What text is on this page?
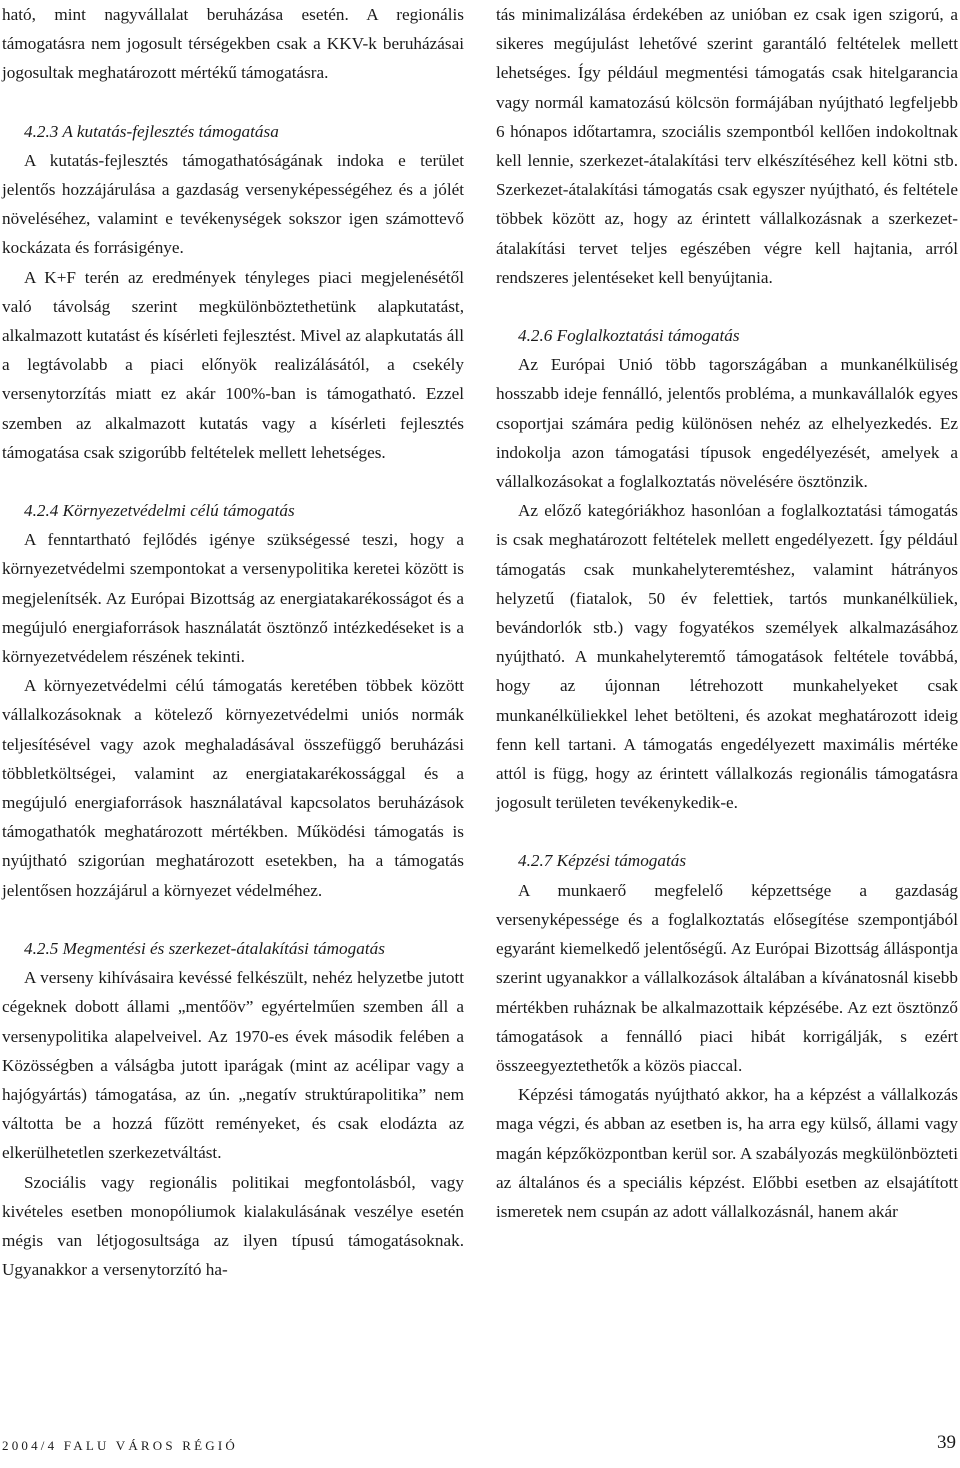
ható, mint nagyvállalat beruházása esetén. A regionális támogatásra nem jogosult térségekben csak a KKV-k beruházásai jogosultak meghatározott mértékű támogatásra.

4.2.3 A kutatás-fejlesztés támogatása

A kutatás-fejlesztés támogathatóságának indoka e terület jelentős hozzájárulása a gazdaság versenyképességéhez és a jólét növeléséhez, valamint e tevékenységek sokszor igen számottevő kockázata és forrásigénye.

A K+F terén az eredmények tényleges piaci megjelenésétől való távolság szerint megkülönböztethetünk alapkutatást, alkalmazott kutatást és kísérleti fejlesztést. Mivel az alapkutatás áll a legtávolabb a piaci előnyök realizálásától, a csekély versenytorzítás miatt ez akár 100%-ban is támogatható. Ezzel szemben az alkalmazott kutatás vagy a kísérleti fejlesztés támogatása csak szigorúbb feltételek mellett lehetséges.

4.2.4 Környezetvédelmi célú támogatás

A fenntartható fejlődés igénye szükségessé teszi, hogy a környezetvédelmi szempontokat a versenypolitika keretei között is megjelenítsék. Az Európai Bizottság az energiatakarékosságot és a megújuló energiaforrások használatát ösztönző intézkedéseket is a környezetvédelem részének tekinti.

A környezetvédelmi célú támogatás keretében többek között vállalkozásoknak a kötelező környezetvédelmi uniós normák teljesítésével vagy azok meghaladásával összefüggő beruházási többletköltségei, valamint az energiatakarékossággal és a megújuló energiaforrások használatával kapcsolatos beruházások támogathatók meghatározott mértékben. Működési támogatás is nyújtható szigorúan meghatározott esetekben, ha a támogatás jelentősen hozzájárul a környezet védelméhez.

4.2.5 Megmentési és szerkezet-átalakítási támogatás

A verseny kihívásaira kevéssé felkészült, nehéz helyzetbe jutott cégeknek dobott állami „mentőöv” egyértelműen szemben áll a versenypolitika alapelveivel. Az 1970-es évek második felében a Közösségben a válságba jutott iparágak (mint az acélipar vagy a hajógyártás) támogatása, az ún. „negatív struktúrapolitika” nem váltotta be a hozzá fűzött reményeket, és csak elodázta az elkerülhetetlen szerkezetváltást.

Szociális vagy regionális politikai megfontolásból, vagy kivételes esetben monopóliumok kialakulásának veszélye esetén mégis van létjogosultsága az ilyen típusú támogatásoknak. Ugyanakkor a versenytorzító ha-

tás minimalizálása érdekében az unióban ez csak igen szigorú, a sikeres megújulást lehetővé szerint garantáló feltételek mellett lehetséges. Így például megmentési támogatás csak hitelgarancia vagy normál kamatozású kölcsön formájában nyújtható legfeljebb 6 hónapos időtartamra, szociális szempontból kellően indokoltnak kell lennie, szerkezet-átalakítási terv elkészítéséhez kell kötni stb. Szerkezet-átalakítási támogatás csak egyszer nyújtható, és feltétele többek között az, hogy az érintett vállalkozásnak a szerkezet-átalakítási tervet teljes egészében végre kell hajtania, arról rendszeres jelentéseket kell benyújtania.

4.2.6 Foglalkoztatási támogatás

Az Európai Unió több tagországában a munkanélküliség hosszabb ideje fennálló, jelentős probléma, a munkavállalók egyes csoportjai számára pedig különösen nehéz az elhelyezkedés. Ez indokolja azon támogatási típusok engedélyezését, amelyek a vállalkozásokat a foglalkoztatás növelésére ösztönzik.

Az előző kategóriákhoz hasonlóan a foglalkoztatási támogatás is csak meghatározott feltételek mellett engedélyezett. Így például támogatás csak munkahelyteremtéshez, valamint hátrányos helyzetű (fiatalok, 50 év felettiek, tartós munkanélküliek, bevándorlók stb.) vagy fogyatékos személyek alkalmazásához nyújtható. A munkahelyteremtő támogatások feltétele továbbá, hogy az újonnan létrehozott munkahelyeket csak munkanélküliekkel lehet betölteni, és azokat meghatározott ideig fenn kell tartani. A támogatás engedélyezett maximális mértéke attól is függ, hogy az érintett vállalkozás regionális támogatásra jogosult területen tevékenykedik-e.

4.2.7 Képzési támogatás

A munkaerő megfelelő képzettsége a gazdaság versenyképessége és a foglalkoztatás elősegítése szempontjából egyaránt kiemelkedő jelentőségű. Az Európai Bizottság álláspontja szerint ugyanakkor a vállalkozások általában a kívánatosnál kisebb mértékben ruháznak be alkalmazottaik képzésébe. Az ezt ösztönző támogatások a fennálló piaci hibát korrigálják, s ezért összeegyeztethetők a közös piaccal.

Képzési támogatás nyújtható akkor, ha a képzést a vállalkozás maga végzi, és abban az esetben is, ha arra egy külső, állami vagy magán képzőközpontban kerül sor. A szabályozás megkülönbözteti az általános és a speciális képzést. Előbbi esetben az elsajátított ismeretek nem csupán az adott vállalkozásnál, hanem akár

2004/4 FALU VÁROS RÉGIÓ	39
